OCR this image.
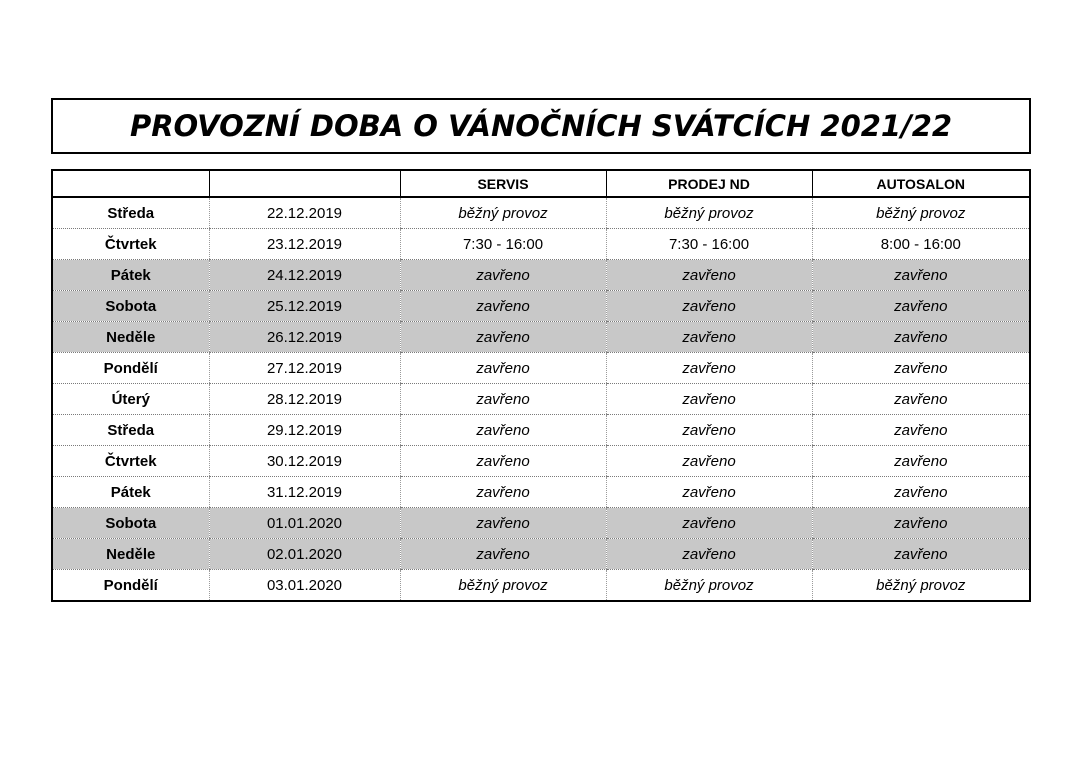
PROVOZNÍ DOBA O VÁNOČNÍCH SVÁTCÍCH 2021/22
		SERVIS	PRODEJ ND	AUTOSALON
Středa	22.12.2019	běžný provoz	běžný provoz	běžný provoz
Čtvrtek	23.12.2019	7:30 - 16:00	7:30 - 16:00	8:00 - 16:00
Pátek	24.12.2019	zavřeno	zavřeno	zavřeno
Sobota	25.12.2019	zavřeno	zavřeno	zavřeno
Neděle	26.12.2019	zavřeno	zavřeno	zavřeno
Pondělí	27.12.2019	zavřeno	zavřeno	zavřeno
Úterý	28.12.2019	zavřeno	zavřeno	zavřeno
Středa	29.12.2019	zavřeno	zavřeno	zavřeno
Čtvrtek	30.12.2019	zavřeno	zavřeno	zavřeno
Pátek	31.12.2019	zavřeno	zavřeno	zavřeno
Sobota	01.01.2020	zavřeno	zavřeno	zavřeno
Neděle	02.01.2020	zavřeno	zavřeno	zavřeno
Pondělí	03.01.2020	běžný provoz	běžný provoz	běžný provoz
